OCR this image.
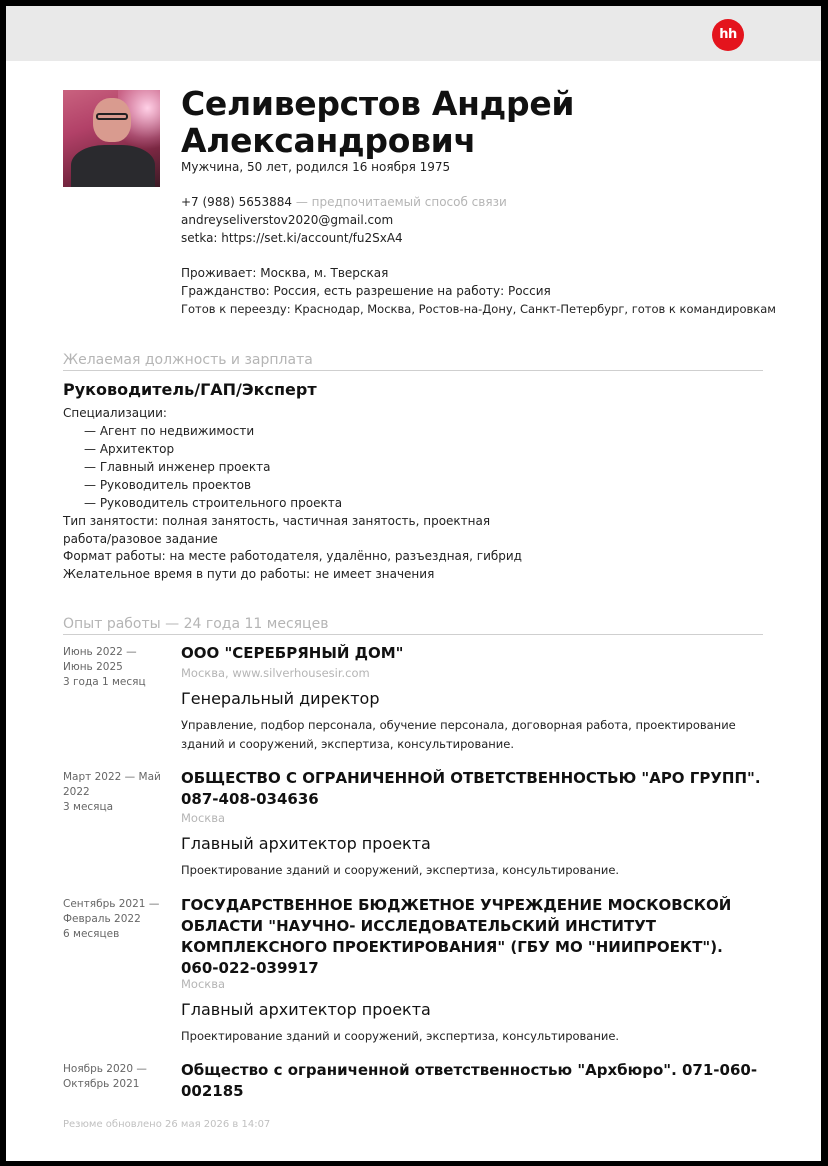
hh
Селиверстов Андрей
Александрович
Мужчина, 50 лет, родился 16 ноября 1975
+7 (988) 5653884 — предпочитаемый способ связи
andreyseliverstov2020@gmail.com
setka: https://set.ki/account/fu2SxA4
Проживает: Москва, м. Тверская
Гражданство: Россия, есть разрешение на работу: Россия
Готов к переезду: Краснодар, Москва, Ростов-на-Дону, Санкт-Петербург, готов к командировкам
Желаемая должность и зарплата
Руководитель/ГАП/Эксперт
Специализации:
— Агент по недвижимости
— Архитектор
— Главный инженер проекта
— Руководитель проектов
— Руководитель строительного проекта
Тип занятости: полная занятость, частичная занятость, проектная работа/разовое задание
Формат работы: на месте работодателя, удалённо, разъездная, гибрид
Желательное время в пути до работы: не имеет значения
Опыт работы — 24 года 11 месяцев
Июнь 2022 — Июнь 2025
3 года 1 месяц
ООО "СЕРЕБРЯНЫЙ ДОМ"
Москва, www.silverhousesir.com
Генеральный директор
Управление, подбор персонала, обучение персонала, договорная работа, проектирование зданий и сооружений, экспертиза, консультирование.
Март 2022 — Май 2022
3 месяца
ОБЩЕСТВО С ОГРАНИЧЕННОЙ ОТВЕТСТВЕННОСТЬЮ "АРО ГРУПП". 087-408-034636
Москва
Главный архитектор проекта
Проектирование зданий и сооружений, экспертиза, консультирование.
Сентябрь 2021 — Февраль 2022
6 месяцев
ГОСУДАРСТВЕННОЕ БЮДЖЕТНОЕ УЧРЕЖДЕНИЕ МОСКОВСКОЙ ОБЛАСТИ "НАУЧНО- ИССЛЕДОВАТЕЛЬСКИЙ ИНСТИТУТ КОМПЛЕКСНОГО ПРОЕКТИРОВАНИЯ" (ГБУ МО "НИИПРОЕКТ"). 060-022-039917
Москва
Главный архитектор проекта
Проектирование зданий и сооружений, экспертиза, консультирование.
Ноябрь 2020 — Октябрь 2021
Общество с ограниченной ответственностью "Архбюро". 071-060-002185
Резюме обновлено 26 мая 2026 в 14:07
